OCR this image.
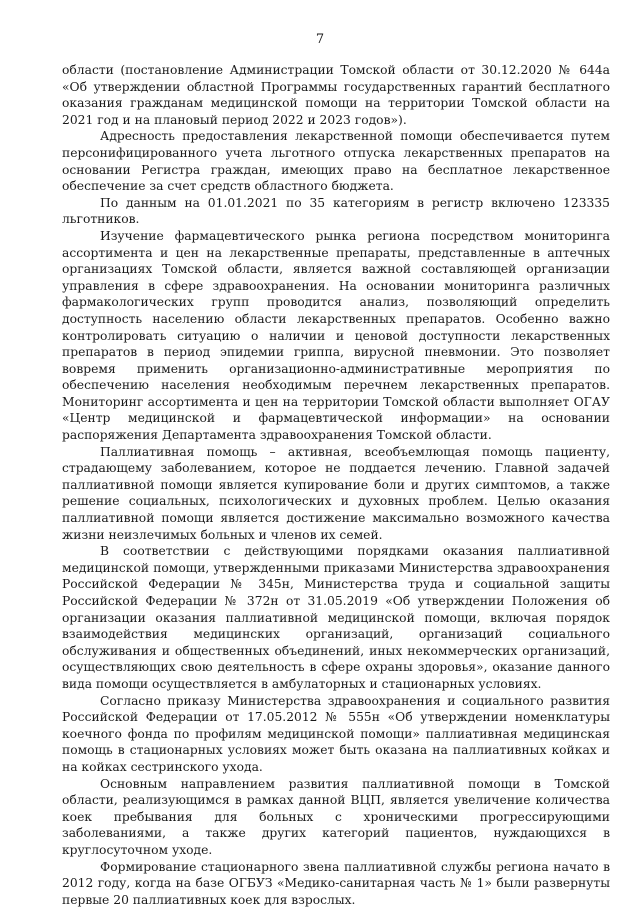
7

области (постановление Администрации Томской области от 30.12.2020 № 644а «Об утверждении областной Программы государственных гарантий бесплатного оказания гражданам медицинской помощи на территории Томской области на 2021 год и на плановый период 2022 и 2023 годов»).

Адресность предоставления лекарственной помощи обеспечивается путем персонифицированного учета льготного отпуска лекарственных препаратов на основании Регистра граждан, имеющих право на бесплатное лекарственное обеспечение за счет средств областного бюджета.

По данным на 01.01.2021 по 35 категориям в регистр включено 123335 льготников.

Изучение фармацевтического рынка региона посредством мониторинга ассортимента и цен на лекарственные препараты, представленные в аптечных организациях Томской области, является важной составляющей организации управления в сфере здравоохранения. На основании мониторинга различных фармакологических групп проводится анализ, позволяющий определить доступность населению области лекарственных препаратов. Особенно важно контролировать ситуацию о наличии и ценовой доступности лекарственных препаратов в период эпидемии гриппа, вирусной пневмонии. Это позволяет вовремя применить организационно-административные мероприятия по обеспечению населения необходимым перечнем лекарственных препаратов. Мониторинг ассортимента и цен на территории Томской области выполняет ОГАУ «Центр медицинской и фармацевтической информации» на основании распоряжения Департамента здравоохранения Томской области.

Паллиативная помощь – активная, всеобъемлющая помощь пациенту, страдающему заболеванием, которое не поддается лечению. Главной задачей паллиативной помощи является купирование боли и других симптомов, а также решение социальных, психологических и духовных проблем. Целью оказания паллиативной помощи является достижение максимально возможного качества жизни неизлечимых больных и членов их семей.

В соответствии с действующими порядками оказания паллиативной медицинской помощи, утвержденными приказами Министерства здравоохранения Российской Федерации № 345н, Министерства труда и социальной защиты Российской Федерации № 372н от 31.05.2019 «Об утверждении Положения об организации оказания паллиативной медицинской помощи, включая порядок взаимодействия медицинских организаций, организаций социального обслуживания и общественных объединений, иных некоммерческих организаций, осуществляющих свою деятельность в сфере охраны здоровья», оказание данного вида помощи осуществляется в амбулаторных и стационарных условиях.

Согласно приказу Министерства здравоохранения и социального развития Российской Федерации от 17.05.2012 № 555н «Об утверждении номенклатуры коечного фонда по профилям медицинской помощи» паллиативная медицинская помощь в стационарных условиях может быть оказана на паллиативных койках и на койках сестринского ухода.

Основным направлением развития паллиативной помощи в Томской области, реализующимся в рамках данной ВЦП, является увеличение количества коек пребывания для больных с хроническими прогрессирующими заболеваниями, а также других категорий пациентов, нуждающихся в круглосуточном уходе.

Формирование стационарного звена паллиативной службы региона начато в 2012 году, когда на базе ОГБУЗ «Медико-санитарная часть № 1» были развернуты первые 20 паллиативных коек для взрослых.
